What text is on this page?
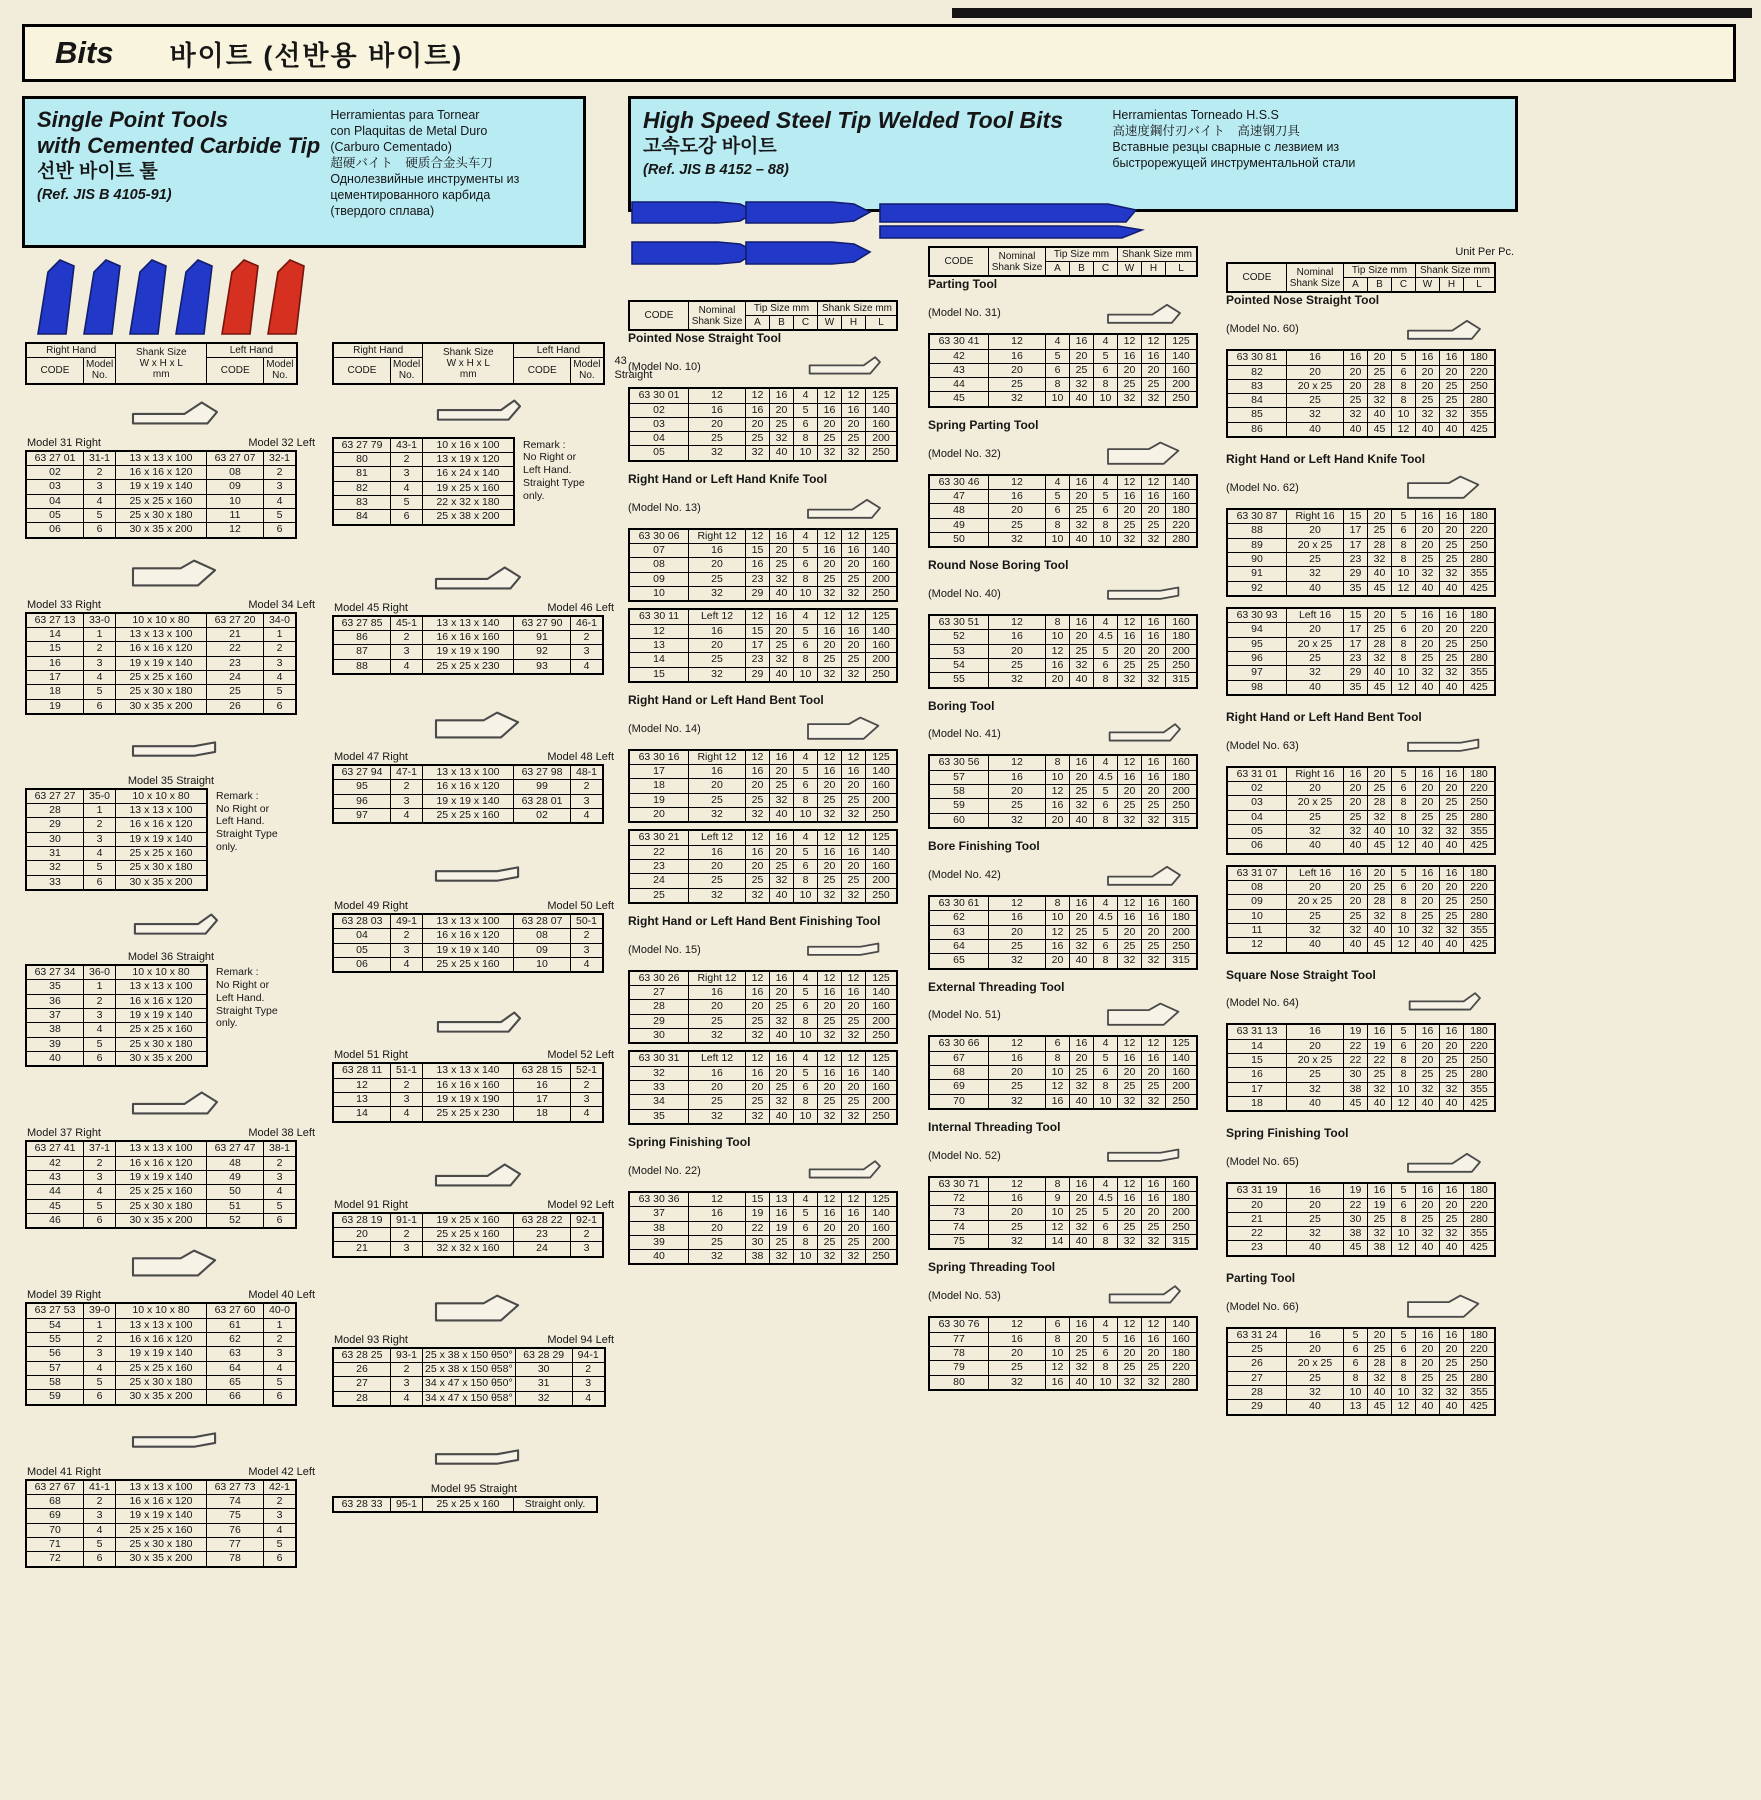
Bits 바이트 (선반용 바이트)
Single Point Tools
with Cemented Carbide Tip
선반 바이트 툴
(Ref. JIS B 4105-91)
Herramientas para Tornear
con Plaquitas de Metal Duro
(Carburo Cementado)
超硬バイト　硬质合金头车刀
Однолезвийные инструменты из
цементированного карбида
(твердого сплава)
High Speed Steel Tip Welded Tool Bits
고속도강 바이트
(Ref. JIS B 4152 – 88)
Herramientas Torneado H.S.S
高速度鋼付刃バイト　高速钢刀具
Вставные резцы сварные с лезвием из
быстрорежущей инструментальной стали
Right Hand		Shank Size
W x H x L
mm	Left Hand	
CODE	Model
No.		CODE	Model
No.
Model 31 Right	Model 32 Left
63 27 01	31-1	13 x 13 x 100	63 27 07	32-1
02	2	16 x 16 x 120	08	2
03	3	19 x 19 x 140	09	3
04	4	25 x 25 x 160	10	4
05	5	25 x 30 x 180	11	5
06	6	30 x 35 x 200	12	6
Model 33 Right	Model 34 Left
63 27 13	33-0	10 x 10 x 80	63 27 20	34-0
14	1	13 x 13 x 100	21	1
15	2	16 x 16 x 120	22	2
16	3	19 x 19 x 140	23	3
17	4	25 x 25 x 160	24	4
18	5	25 x 30 x 180	25	5
19	6	30 x 35 x 200	26	6
Model 35 Straight
63 27 27	35-0	10 x 10 x 80
28	1	13 x 13 x 100
29	2	16 x 16 x 120
30	3	19 x 19 x 140
31	4	25 x 25 x 160
32	5	25 x 30 x 180
33	6	30 x 35 x 200
Remark :
No Right or
Left Hand.
Straight Type
only.
Model 36 Straight
63 27 34	36-0	10 x 10 x 80
35	1	13 x 13 x 100
36	2	16 x 16 x 120
37	3	19 x 19 x 140
38	4	25 x 25 x 160
39	5	25 x 30 x 180
40	6	30 x 35 x 200
Remark :
No Right or
Left Hand.
Straight Type
only.
Model 37 Right	Model 38 Left
63 27 41	37-1	13 x 13 x 100	63 27 47	38-1
42	2	16 x 16 x 120	48	2
43	3	19 x 19 x 140	49	3
44	4	25 x 25 x 160	50	4
45	5	25 x 30 x 180	51	5
46	6	30 x 35 x 200	52	6
Model 39 Right	Model 40 Left
63 27 53	39-0	10 x 10 x 80	63 27 60	40-0
54	1	13 x 13 x 100	61	1
55	2	16 x 16 x 120	62	2
56	3	19 x 19 x 140	63	3
57	4	25 x 25 x 160	64	4
58	5	25 x 30 x 180	65	5
59	6	30 x 35 x 200	66	6
Model 41 Right	Model 42 Left
63 27 67	41-1	13 x 13 x 100	63 27 73	42-1
68	2	16 x 16 x 120	74	2
69	3	19 x 19 x 140	75	3
70	4	25 x 25 x 160	76	4
71	5	25 x 30 x 180	77	5
72	6	30 x 35 x 200	78	6
Right Hand		Shank Size
W x H x L
mm	Left Hand	
CODE	Model
No.		CODE	Model
No.
43
Straight
63 27 79	43-1	10 x 16 x 100
80	2	13 x 19 x 120
81	3	16 x 24 x 140
82	4	19 x 25 x 160
83	5	22 x 32 x 180
84	6	25 x 38 x 200
Remark :
No Right or
Left Hand.
Straight Type
only.
Model 45 Right	Model 46 Left
63 27 85	45-1	13 x 13 x 140	63 27 90	46-1
86	2	16 x 16 x 160	91	2
87	3	19 x 19 x 190	92	3
88	4	25 x 25 x 230	93	4
Model 47 Right	Model 48 Left
63 27 94	47-1	13 x 13 x 100	63 27 98	48-1
95	2	16 x 16 x 120	99	2
96	3	19 x 19 x 140	63 28 01	3
97	4	25 x 25 x 160	02	4
Model 49 Right	Model 50 Left
63 28 03	49-1	13 x 13 x 100	63 28 07	50-1
04	2	16 x 16 x 120	08	2
05	3	19 x 19 x 140	09	3
06	4	25 x 25 x 160	10	4
Model 51 Right	Model 52 Left
63 28 11	51-1	13 x 13 x 140	63 28 15	52-1
12	2	16 x 16 x 160	16	2
13	3	19 x 19 x 190	17	3
14	4	25 x 25 x 230	18	4
Model 91 Right	Model 92 Left
63 28 19	91-1	19 x 25 x 160	63 28 22	92-1
20	2	25 x 25 x 160	23	2
21	3	32 x 32 x 160	24	3
Model 93 Right	Model 94 Left
63 28 25	93-1	25 x 38 x 150 θ50°	63 28 29	94-1
26	2	25 x 38 x 150 θ58°	30	2
27	3	34 x 47 x 150 θ50°	31	3
28	4	34 x 47 x 150 θ58°	32	4
Model 95 Straight
63 28 33	95-1	25 x 25 x 160	Straight only.
CODE	Nominal
Shank Size	Tip Size mm			Shank Size mm		
		A	B	C	W	H	L
Pointed Nose Straight Tool
(Model No. 10)
63 30 01	12	12	16	4	12	12	125
02	16	16	20	5	16	16	140
03	20	20	25	6	20	20	160
04	25	25	32	8	25	25	200
05	32	32	40	10	32	32	250
Right Hand or Left Hand Knife Tool
(Model No. 13)
63 30 06	Right 12	12	16	4	12	12	125
07	16	15	20	5	16	16	140
08	20	16	25	6	20	20	160
09	25	23	32	8	25	25	200
10	32	29	40	10	32	32	250
63 30 11	Left 12	12	16	4	12	12	125
12	16	15	20	5	16	16	140
13	20	17	25	6	20	20	160
14	25	23	32	8	25	25	200
15	32	29	40	10	32	32	250
Right Hand or Left Hand Bent Tool
(Model No. 14)
63 30 16	Right 12	12	16	4	12	12	125
17	16	16	20	5	16	16	140
18	20	20	25	6	20	20	160
19	25	25	32	8	25	25	200
20	32	32	40	10	32	32	250
63 30 21	Left 12	12	16	4	12	12	125
22	16	16	20	5	16	16	140
23	20	20	25	6	20	20	160
24	25	25	32	8	25	25	200
25	32	32	40	10	32	32	250
Right Hand or Left Hand Bent Finishing Tool
(Model No. 15)
63 30 26	Right 12	12	16	4	12	12	125
27	16	16	20	5	16	16	140
28	20	20	25	6	20	20	160
29	25	25	32	8	25	25	200
30	32	32	40	10	32	32	250
63 30 31	Left 12	12	16	4	12	12	125
32	16	16	20	5	16	16	140
33	20	20	25	6	20	20	160
34	25	25	32	8	25	25	200
35	32	32	40	10	32	32	250
Spring Finishing Tool
(Model No. 22)
63 30 36	12	15	13	4	12	12	125
37	16	19	16	5	16	16	140
38	20	22	19	6	20	20	160
39	25	30	25	8	25	25	200
40	32	38	32	10	32	32	250
CODE	Nominal
Shank Size	Tip Size mm			Shank Size mm		
		A	B	C	W	H	L
Parting Tool
(Model No. 31)
63 30 41	12	4	16	4	12	12	125
42	16	5	20	5	16	16	140
43	20	6	25	6	20	20	160
44	25	8	32	8	25	25	200
45	32	10	40	10	32	32	250
Spring Parting Tool
(Model No. 32)
63 30 46	12	4	16	4	12	12	140
47	16	5	20	5	16	16	160
48	20	6	25	6	20	20	180
49	25	8	32	8	25	25	220
50	32	10	40	10	32	32	280
Round Nose Boring Tool
(Model No. 40)
63 30 51	12	8	16	4	12	16	160
52	16	10	20	4.5	16	16	180
53	20	12	25	5	20	20	200
54	25	16	32	6	25	25	250
55	32	20	40	8	32	32	315
Boring Tool
(Model No. 41)
63 30 56	12	8	16	4	12	16	160
57	16	10	20	4.5	16	16	180
58	20	12	25	5	20	20	200
59	25	16	32	6	25	25	250
60	32	20	40	8	32	32	315
Bore Finishing Tool
(Model No. 42)
63 30 61	12	8	16	4	12	16	160
62	16	10	20	4.5	16	16	180
63	20	12	25	5	20	20	200
64	25	16	32	6	25	25	250
65	32	20	40	8	32	32	315
External Threading Tool
(Model No. 51)
63 30 66	12	6	16	4	12	12	125
67	16	8	20	5	16	16	140
68	20	10	25	6	20	20	160
69	25	12	32	8	25	25	200
70	32	16	40	10	32	32	250
Internal Threading Tool
(Model No. 52)
63 30 71	12	8	16	4	12	16	160
72	16	9	20	4.5	16	16	180
73	20	10	25	5	20	20	200
74	25	12	32	6	25	25	250
75	32	14	40	8	32	32	315
Spring Threading Tool
(Model No. 53)
63 30 76	12	6	16	4	12	12	140
77	16	8	20	5	16	16	160
78	20	10	25	6	20	20	180
79	25	12	32	8	25	25	220
80	32	16	40	10	32	32	280
Unit Per Pc.
CODE	Nominal
Shank Size	Tip Size mm			Shank Size mm		
		A	B	C	W	H	L
Pointed Nose Straight Tool
(Model No. 60)
63 30 81	16	16	20	5	16	16	180
82	20	20	25	6	20	20	220
83	20 x 25	20	28	8	20	25	250
84	25	25	32	8	25	25	280
85	32	32	40	10	32	32	355
86	40	40	45	12	40	40	425
Right Hand or Left Hand Knife Tool
(Model No. 62)
63 30 87	Right 16	15	20	5	16	16	180
88	20	17	25	6	20	20	220
89	20 x 25	17	28	8	20	25	250
90	25	23	32	8	25	25	280
91	32	29	40	10	32	32	355
92	40	35	45	12	40	40	425
63 30 93	Left 16	15	20	5	16	16	180
94	20	17	25	6	20	20	220
95	20 x 25	17	28	8	20	25	250
96	25	23	32	8	25	25	280
97	32	29	40	10	32	32	355
98	40	35	45	12	40	40	425
Right Hand or Left Hand Bent Tool
(Model No. 63)
63 31 01	Right 16	16	20	5	16	16	180
02	20	20	25	6	20	20	220
03	20 x 25	20	28	8	20	25	250
04	25	25	32	8	25	25	280
05	32	32	40	10	32	32	355
06	40	40	45	12	40	40	425
63 31 07	Left 16	16	20	5	16	16	180
08	20	20	25	6	20	20	220
09	20 x 25	20	28	8	20	25	250
10	25	25	32	8	25	25	280
11	32	32	40	10	32	32	355
12	40	40	45	12	40	40	425
Square Nose Straight Tool
(Model No. 64)
63 31 13	16	19	16	5	16	16	180
14	20	22	19	6	20	20	220
15	20 x 25	22	22	8	20	25	250
16	25	30	25	8	25	25	280
17	32	38	32	10	32	32	355
18	40	45	40	12	40	40	425
Spring Finishing Tool
(Model No. 65)
63 31 19	16	19	16	5	16	16	180
20	20	22	19	6	20	20	220
21	25	30	25	8	25	25	280
22	32	38	32	10	32	32	355
23	40	45	38	12	40	40	425
Parting Tool
(Model No. 66)
63 31 24	16	5	20	5	16	16	180
25	20	6	25	6	20	20	220
26	20 x 25	6	28	8	20	25	250
27	25	8	32	8	25	25	280
28	32	10	40	10	32	32	355
29	40	13	45	12	40	40	425
